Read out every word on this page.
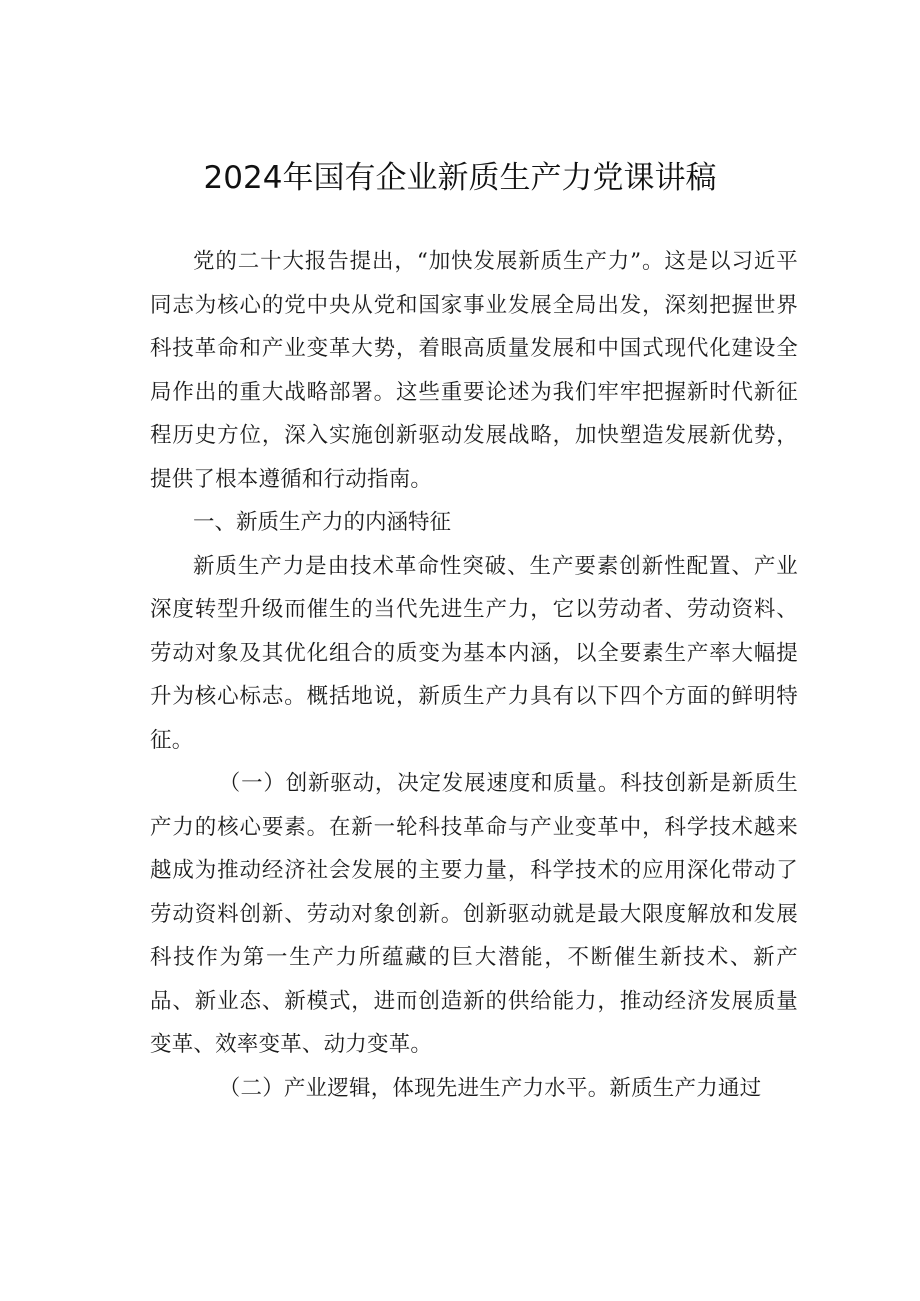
2024年国有企业新质生产力党课讲稿

党的二十大报告提出，“加快发展新质生产力”。这是以习近平同志为核心的党中央从党和国家事业发展全局出发，深刻把握世界科技革命和产业变革大势，着眼高质量发展和中国式现代化建设全局作出的重大战略部署。这些重要论述为我们牢牢把握新时代新征程历史方位，深入实施创新驱动发展战略，加快塑造发展新优势，提供了根本遵循和行动指南。

一、新质生产力的内涵特征

新质生产力是由技术革命性突破、生产要素创新性配置、产业深度转型升级而催生的当代先进生产力，它以劳动者、劳动资料、劳动对象及其优化组合的质变为基本内涵，以全要素生产率大幅提升为核心标志。概括地说，新质生产力具有以下四个方面的鲜明特征。

（一）创新驱动，决定发展速度和质量。科技创新是新质生产力的核心要素。在新一轮科技革命与产业变革中，科学技术越来越成为推动经济社会发展的主要力量，科学技术的应用深化带动了劳动资料创新、劳动对象创新。创新驱动就是最大限度解放和发展科技作为第一生产力所蕴藏的巨大潜能，不断催生新技术、新产品、新业态、新模式，进而创造新的供给能力，推动经济发展质量变革、效率变革、动力变革。

（二）产业逻辑，体现先进生产力水平。新质生产力通过
